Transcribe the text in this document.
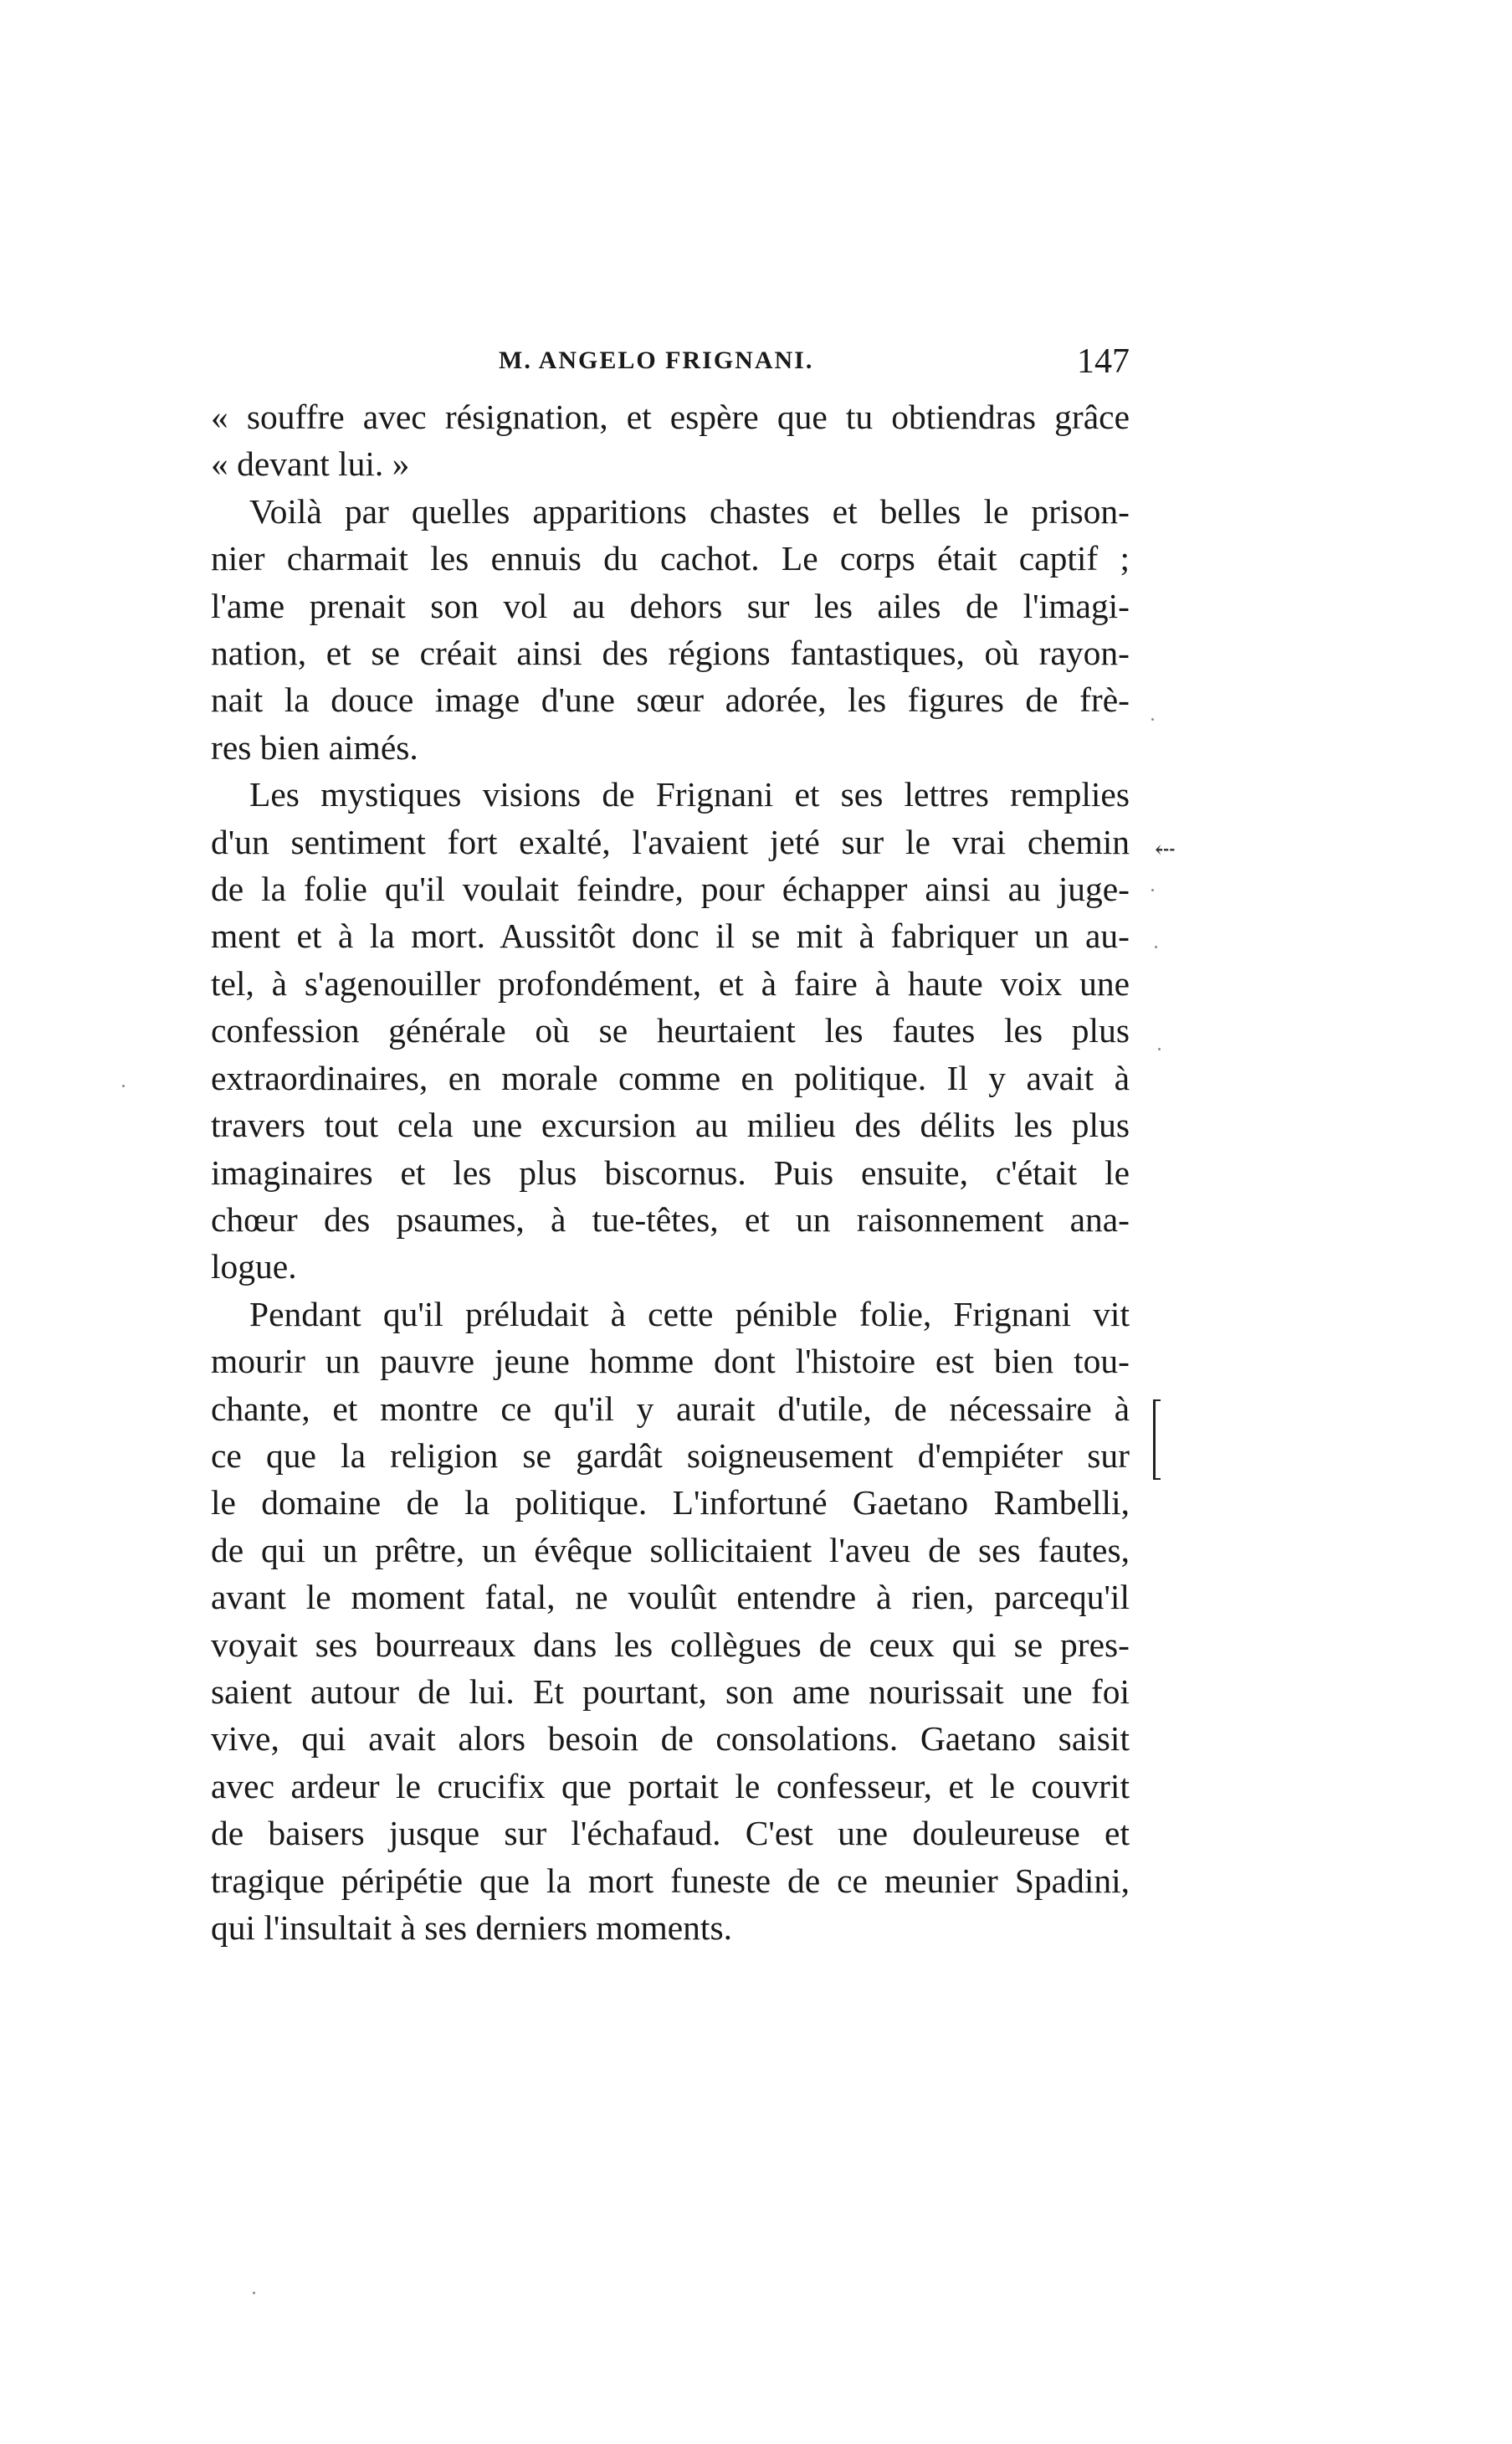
M. ANGELO FRIGNANI.	147

« souffre avec résignation, et espère que tu obtiendras grâce
« devant lui. »

Voilà par quelles apparitions chastes et belles le prison-
nier charmait les ennuis du cachot. Le corps était captif ;
l'ame prenait son vol au dehors sur les ailes de l'imagi-
nation, et se créait ainsi des régions fantastiques, où rayon-
nait la douce image d'une sœur adorée, les figures de frè-
res bien aimés.

Les mystiques visions de Frignani et ses lettres remplies
d'un sentiment fort exalté, l'avaient jeté sur le vrai chemin
de la folie qu'il voulait feindre, pour échapper ainsi au juge-
ment et à la mort. Aussitôt donc il se mit à fabriquer un au-
tel, à s'agenouiller profondément, et à faire à haute voix une
confession générale où se heurtaient les fautes les plus
extraordinaires, en morale comme en politique. Il y avait à
travers tout cela une excursion au milieu des délits les plus
imaginaires et les plus biscornus. Puis ensuite, c'était le
chœur des psaumes, à tue-têtes, et un raisonnement ana-
logue.

Pendant qu'il préludait à cette pénible folie, Frignani vit
mourir un pauvre jeune homme dont l'histoire est bien tou-
chante, et montre ce qu'il y aurait d'utile, de nécessaire à
ce que la religion se gardât soigneusement d'empiéter sur
le domaine de la politique. L'infortuné Gaetano Rambelli,
de qui un prêtre, un évêque sollicitaient l'aveu de ses fautes,
avant le moment fatal, ne voulût entendre à rien, parcequ'il
voyait ses bourreaux dans les collègues de ceux qui se pres-
saient autour de lui. Et pourtant, son ame nourissait une foi
vive, qui avait alors besoin de consolations. Gaetano saisit
avec ardeur le crucifix que portait le confesseur, et le couvrit
de baisers jusque sur l'échafaud. C'est une douleureuse et
tragique péripétie que la mort funeste de ce meunier Spadini,
qui l'insultait à ses derniers moments.

⤎
